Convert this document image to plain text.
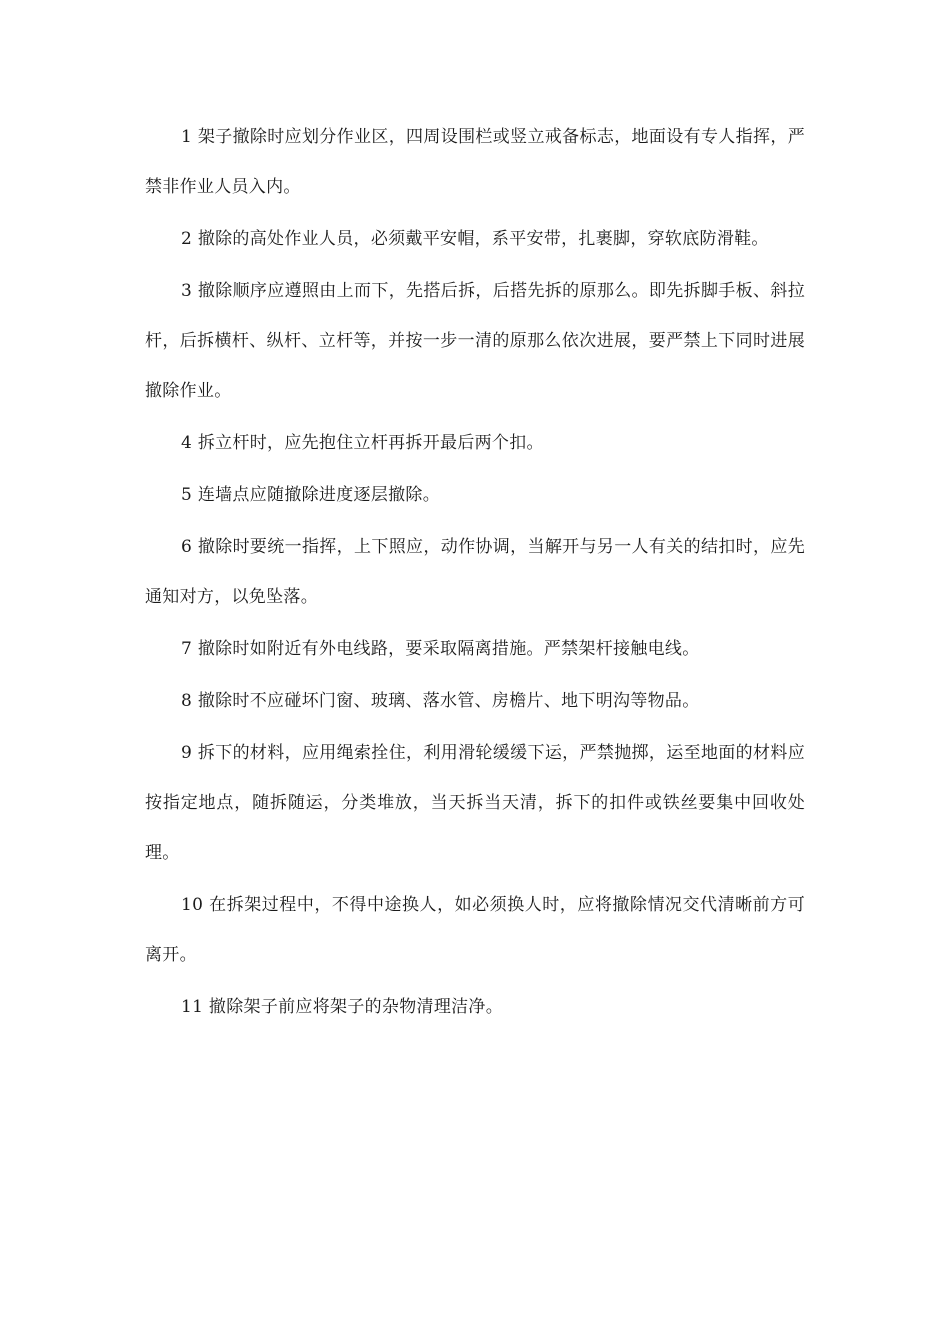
1 架子撤除时应划分作业区，四周设围栏或竖立戒备标志，地面设有专人指挥，严禁非作业人员入内。

2 撤除的高处作业人员，必须戴平安帽，系平安带，扎裹脚，穿软底防滑鞋。

3 撤除顺序应遵照由上而下，先搭后拆，后搭先拆的原那么。即先拆脚手板、斜拉杆，后拆横杆、纵杆、立杆等，并按一步一清的原那么依次进展，要严禁上下同时进展撤除作业。

4 拆立杆时，应先抱住立杆再拆开最后两个扣。

5 连墙点应随撤除进度逐层撤除。

6 撤除时要统一指挥，上下照应，动作协调，当解开与另一人有关的结扣时，应先通知对方，以免坠落。

7 撤除时如附近有外电线路，要采取隔离措施。严禁架杆接触电线。

8 撤除时不应碰坏门窗、玻璃、落水管、房檐片、地下明沟等物品。

9 拆下的材料，应用绳索拴住，利用滑轮缓缓下运，严禁抛掷，运至地面的材料应按指定地点，随拆随运，分类堆放，当天拆当天清，拆下的扣件或铁丝要集中回收处理。

10 在拆架过程中，不得中途换人，如必须换人时，应将撤除情况交代清晰前方可离开。

11 撤除架子前应将架子的杂物清理洁净。
